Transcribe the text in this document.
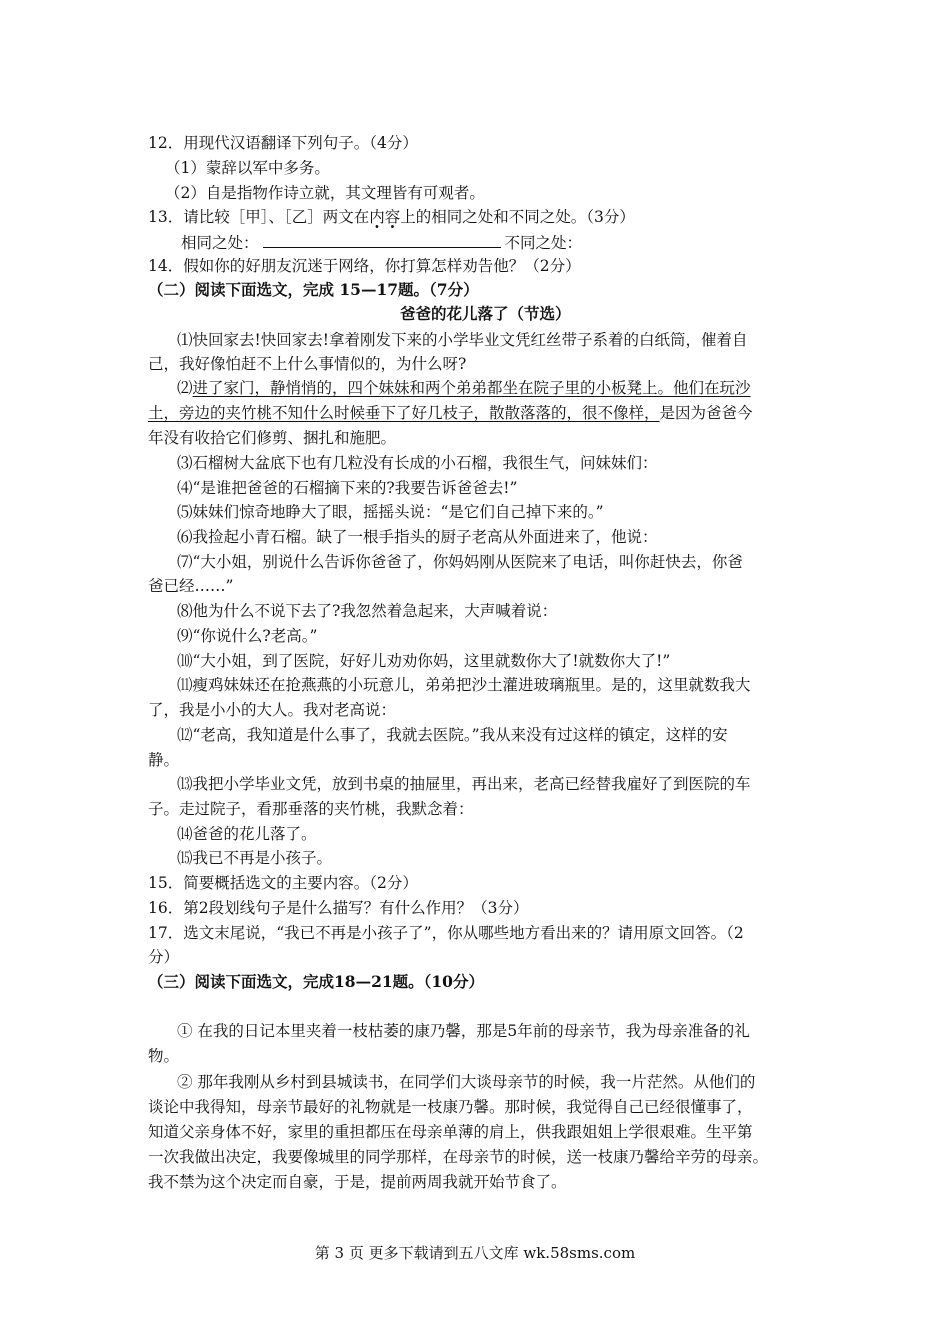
12．用现代汉语翻译下列句子。（4分）
（1）蒙辞以军中多务。
（2）自是指物作诗立就，其文理皆有可观者。
13．请比较［甲］、［乙］两文在内容上的相同之处和不同之处。（3分）
相同之处：	不同之处：
14．假如你的好朋友沉迷于网络，你打算怎样劝告他？（2分）
（二）阅读下面选文，完成 15—17题。（7分）
爸爸的花儿落了（节选）
⑴快回家去!快回家去!拿着刚发下来的小学毕业文凭红丝带子系着的白纸筒，催着自
己，我好像怕赶不上什么事情似的，为什么呀?
⑵进了家门，静悄悄的，四个妹妹和两个弟弟都坐在院子里的小板凳上。他们在玩沙
土，旁边的夹竹桃不知什么时候垂下了好几枝子，散散落落的，很不像样，是因为爸爸今
年没有收拾它们修剪、捆扎和施肥。
⑶石榴树大盆底下也有几粒没有长成的小石榴，我很生气，问妹妹们：
⑷“是谁把爸爸的石榴摘下来的?我要告诉爸爸去!”
⑸妹妹们惊奇地睁大了眼，摇摇头说：“是它们自己掉下来的。”
⑹我捡起小青石榴。缺了一根手指头的厨子老高从外面进来了，他说：
⑺“大小姐，别说什么告诉你爸爸了，你妈妈刚从医院来了电话，叫你赶快去，你爸
爸已经……”
⑻他为什么不说下去了?我忽然着急起来，大声喊着说：
⑼“你说什么?老高。”
⑽“大小姐，到了医院，好好儿劝劝你妈，这里就数你大了!就数你大了!”
⑾瘦鸡妹妹还在抢燕燕的小玩意儿，弟弟把沙土灌进玻璃瓶里。是的，这里就数我大
了，我是小小的大人。我对老高说：
⑿“老高，我知道是什么事了，我就去医院。”我从来没有过这样的镇定，这样的安
静。
⒀我把小学毕业文凭，放到书桌的抽屉里，再出来，老高已经替我雇好了到医院的车
子。走过院子，看那垂落的夹竹桃，我默念着：
⒁爸爸的花儿落了。
⒂我已不再是小孩子。
15．简要概括选文的主要内容。（2分）
16．第2段划线句子是什么描写？有什么作用？（3分）
17．选文末尾说，“我已不再是小孩子了”，你从哪些地方看出来的？请用原文回答。（2
分）
（三）阅读下面选文，完成18—21题。（10分）
① 在我的日记本里夹着一枝枯萎的康乃馨，那是5年前的母亲节，我为母亲准备的礼
物。
② 那年我刚从乡村到县城读书，在同学们大谈母亲节的时候，我一片茫然。从他们的
谈论中我得知，母亲节最好的礼物就是一枝康乃馨。那时候，我觉得自己已经很懂事了，
知道父亲身体不好，家里的重担都压在母亲单薄的肩上，供我跟姐姐上学很艰难。生平第
一次我做出决定，我要像城里的同学那样，在母亲节的时候，送一枝康乃馨给辛劳的母亲。
我不禁为这个决定而自豪，于是，提前两周我就开始节食了。
第 3 页 更多下载请到五八文库 wk.58sms.com
